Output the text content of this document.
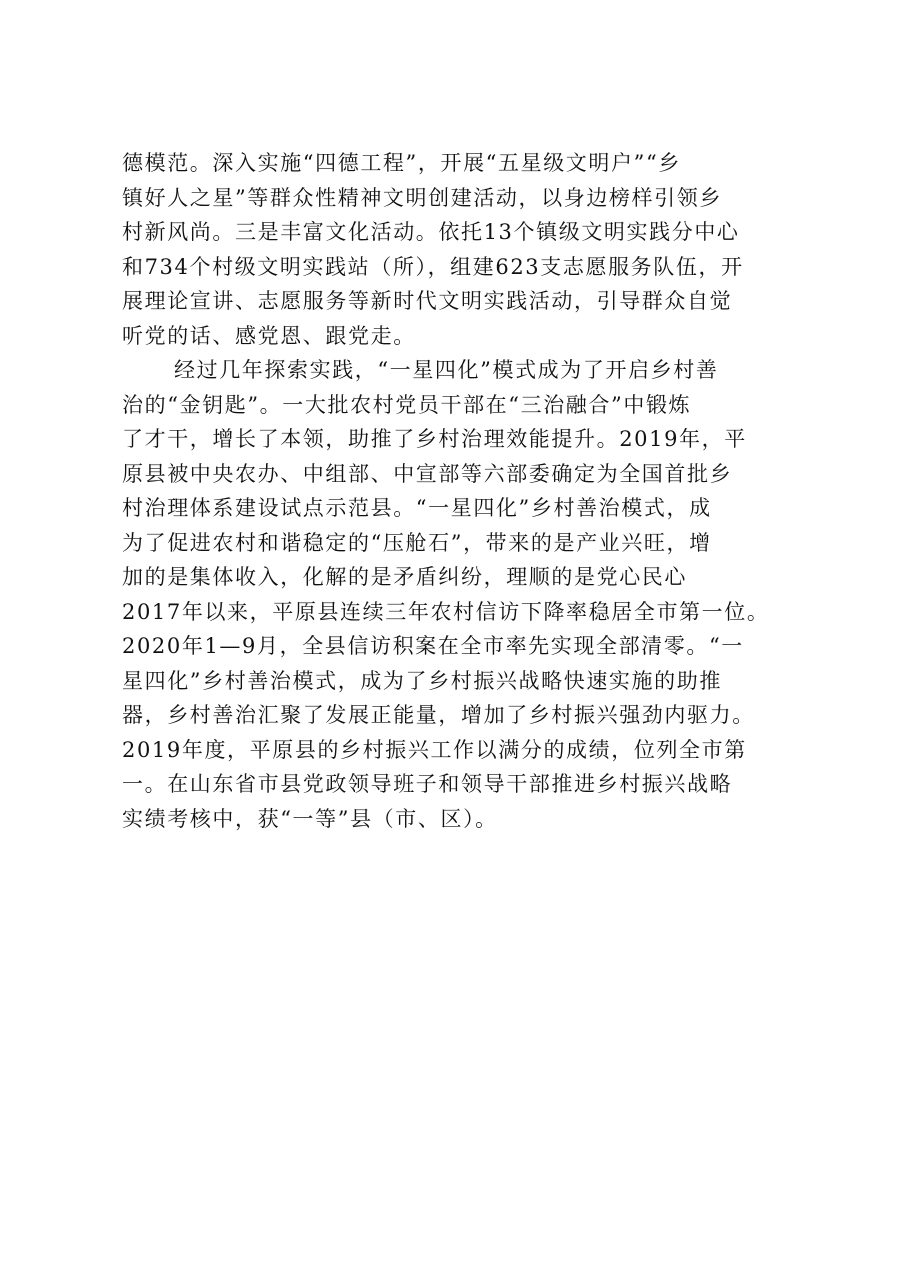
德模范。深入实施“四德工程”，开展“五星级文明户”“乡
镇好人之星”等群众性精神文明创建活动，以身边榜样引领乡
村新风尚。三是丰富文化活动。依托13个镇级文明实践分中心
和734个村级文明实践站（所），组建623支志愿服务队伍，开
展理论宣讲、志愿服务等新时代文明实践活动，引导群众自觉
听党的话、感党恩、跟党走。
经过几年探索实践，“一星四化”模式成为了开启乡村善
治的“金钥匙”。一大批农村党员干部在“三治融合”中锻炼
了才干，增长了本领，助推了乡村治理效能提升。2019年，平
原县被中央农办、中组部、中宣部等六部委确定为全国首批乡
村治理体系建设试点示范县。“一星四化”乡村善治模式，成
为了促进农村和谐稳定的“压舱石”，带来的是产业兴旺，增
加的是集体收入，化解的是矛盾纠纷，理顺的是党心民心
2017年以来，平原县连续三年农村信访下降率稳居全市第一位。
2020年1—9月，全县信访积案在全市率先实现全部清零。“一
星四化”乡村善治模式，成为了乡村振兴战略快速实施的助推
器，乡村善治汇聚了发展正能量，增加了乡村振兴强劲内驱力。
2019年度，平原县的乡村振兴工作以满分的成绩，位列全市第
一。在山东省市县党政领导班子和领导干部推进乡村振兴战略
实绩考核中，获“一等”县（市、区）。
